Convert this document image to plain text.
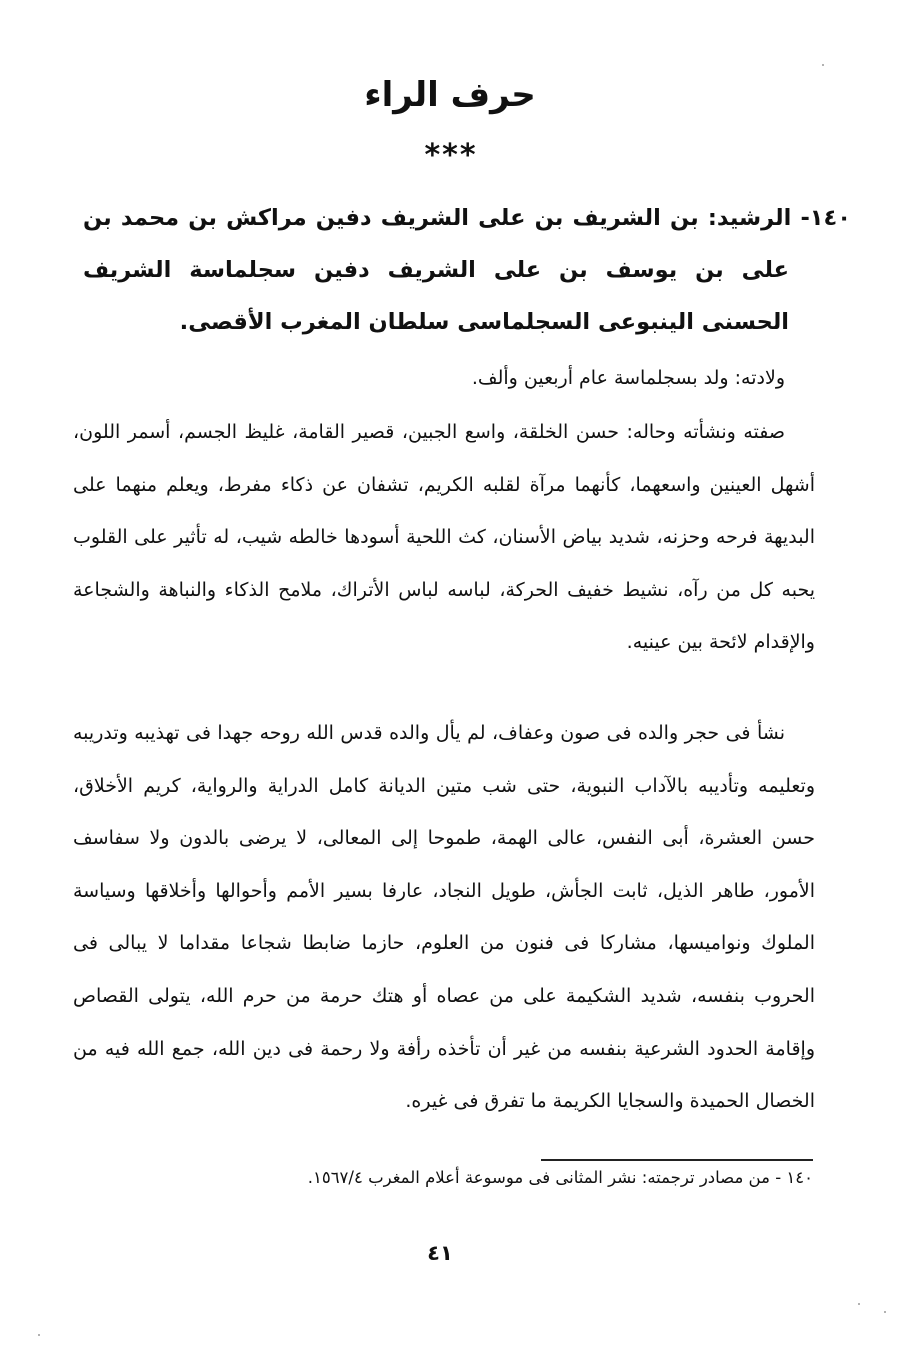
حرف الراء
***

١٤٠- الرشيد: بن الشريف بن على الشريف دفين مراكش بن محمد بن على بن يوسف بن على الشريف دفين سجلماسة الشريف الحسنى الينبوعى السجلماسى سلطان المغرب الأقصى.

ولادته: ولد بسجلماسة عام أربعين وألف.

صفته ونشأته وحاله: حسن الخلقة، واسع الجبين، قصير القامة، غليظ الجسم، أسمر اللون، أشهل العينين واسعهما، كأنهما مرآة لقلبه الكريم، تشفان عن ذكاء مفرط، ويعلم منهما على البديهة فرحه وحزنه، شديد بياض الأسنان، كث اللحية أسودها خالطه شيب، له تأثير على القلوب يحبه كل من رآه، نشيط خفيف الحركة، لباسه لباس الأتراك، ملامح الذكاء والنباهة والشجاعة والإقدام لائحة بين عينيه.

نشأ فى حجر والده فى صون وعفاف، لم يأل والده قدس الله روحه جهدا فى تهذيبه وتدريبه وتعليمه وتأديبه بالآداب النبوية، حتى شب متين الديانة كامل الدراية والرواية، كريم الأخلاق، حسن العشرة، أبى النفس، عالى الهمة، طموحا إلى المعالى، لا يرضى بالدون ولا سفاسف الأمور، طاهر الذيل، ثابت الجأش، طويل النجاد، عارفا بسير الأمم وأحوالها وأخلاقها وسياسة الملوك ونواميسها، مشاركا فى فنون من العلوم، حازما ضابطا شجاعا مقداما لا يبالى فى الحروب بنفسه، شديد الشكيمة على من عصاه أو هتك حرمة من حرم الله، يتولى القصاص وإقامة الحدود الشرعية بنفسه من غير أن تأخذه رأفة ولا رحمة فى دين الله، جمع الله فيه من الخصال الحميدة والسجايا الكريمة ما تفرق فى غيره.

١٤٠ - من مصادر ترجمته: نشر المثانى فى موسوعة أعلام المغرب ١٥٦٧/٤.

٤١
